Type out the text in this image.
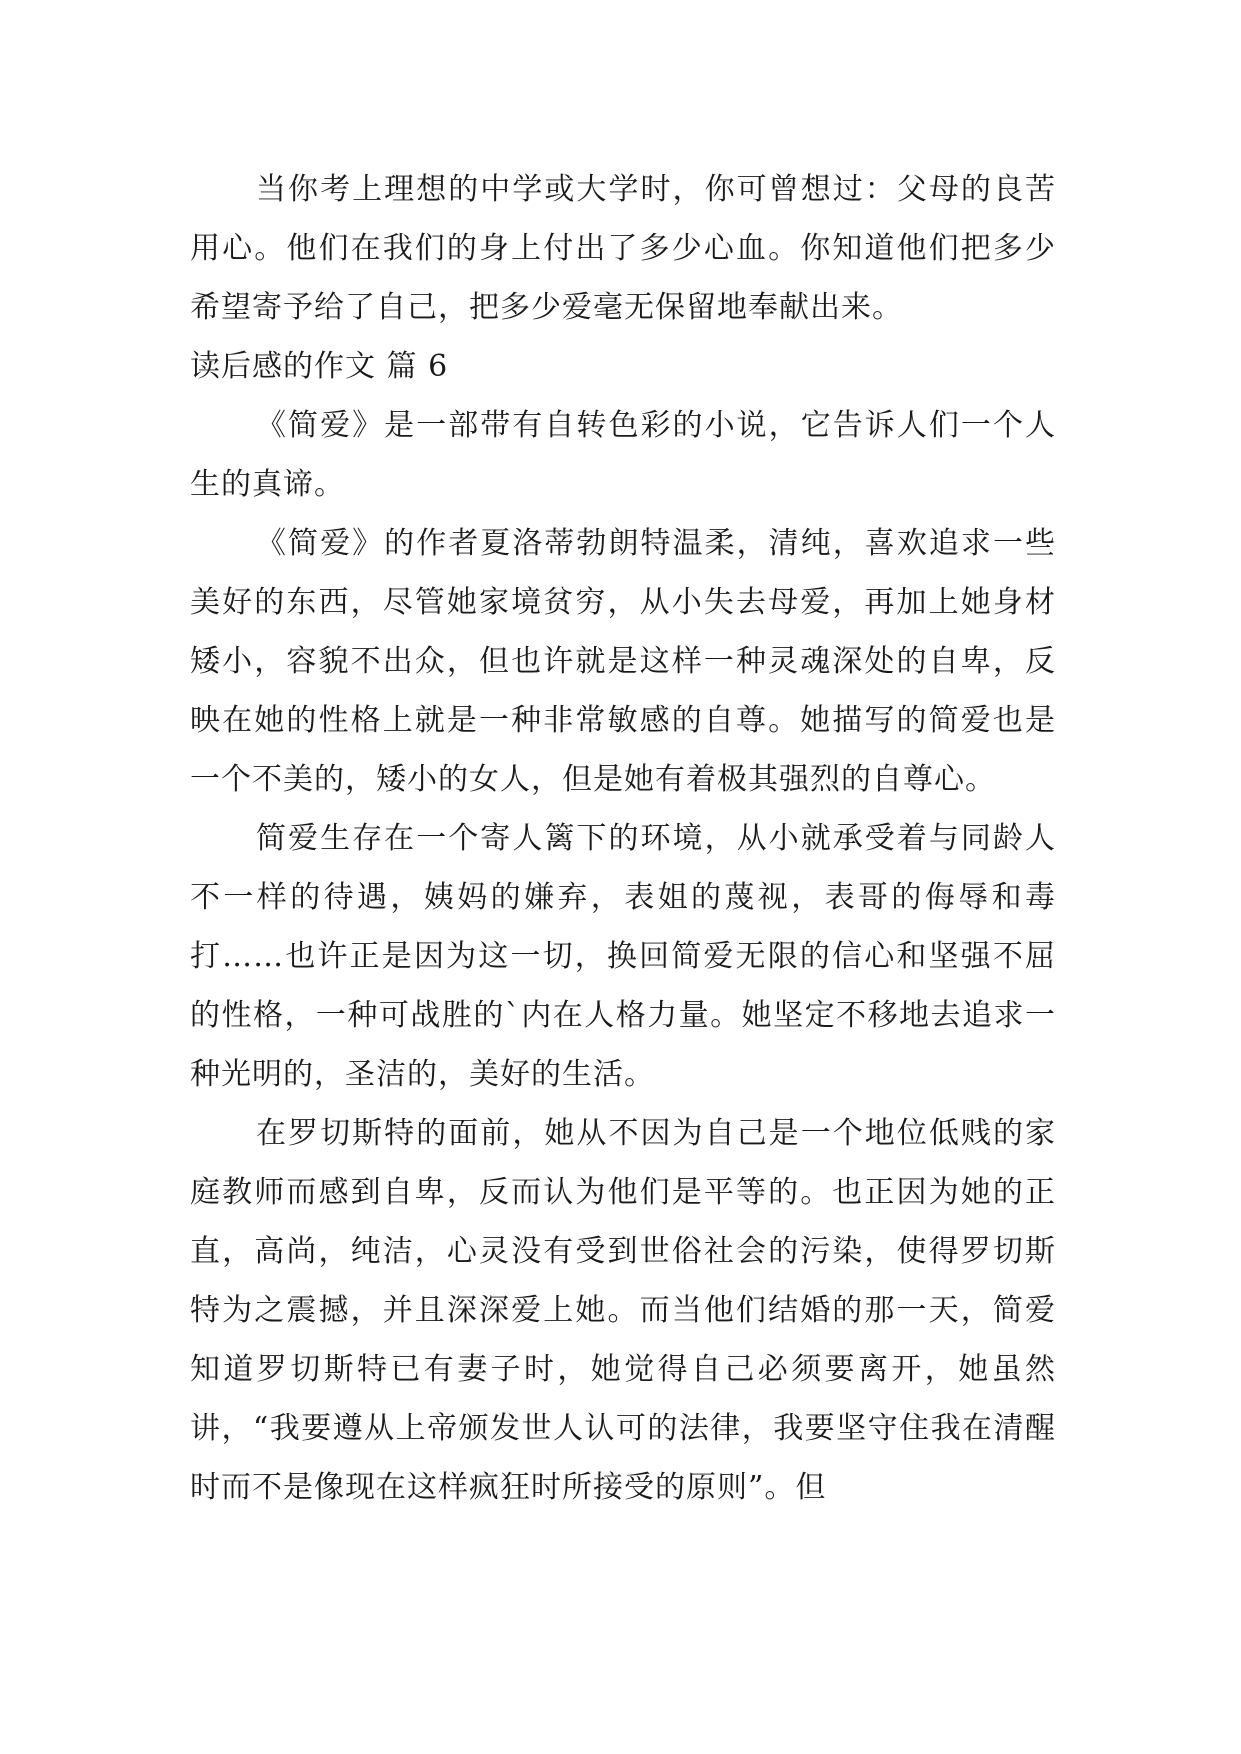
当你考上理想的中学或大学时，你可曾想过：父母的良苦用心。他们在我们的身上付出了多少心血。你知道他们把多少希望寄予给了自己，把多少爱毫无保留地奉献出来。

读后感的作文 篇 6

《简爱》是一部带有自转色彩的小说，它告诉人们一个人生的真谛。

《简爱》的作者夏洛蒂勃朗特温柔，清纯，喜欢追求一些美好的东西，尽管她家境贫穷，从小失去母爱，再加上她身材矮小，容貌不出众，但也许就是这样一种灵魂深处的自卑，反映在她的性格上就是一种非常敏感的自尊。她描写的简爱也是一个不美的，矮小的女人，但是她有着极其强烈的自尊心。

简爱生存在一个寄人篱下的环境，从小就承受着与同龄人不一样的待遇，姨妈的嫌弃，表姐的蔑视，表哥的侮辱和毒打……也许正是因为这一切，换回简爱无限的信心和坚强不屈的性格，一种可战胜的`内在人格力量。她坚定不移地去追求一种光明的，圣洁的，美好的生活。

在罗切斯特的面前，她从不因为自己是一个地位低贱的家庭教师而感到自卑，反而认为他们是平等的。也正因为她的正直，高尚，纯洁，心灵没有受到世俗社会的污染，使得罗切斯特为之震撼，并且深深爱上她。而当他们结婚的那一天，简爱知道罗切斯特已有妻子时，她觉得自己必须要离开，她虽然讲，“我要遵从上帝颁发世人认可的法律，我要坚守住我在清醒时而不是像现在这样疯狂时所接受的原则”。但
